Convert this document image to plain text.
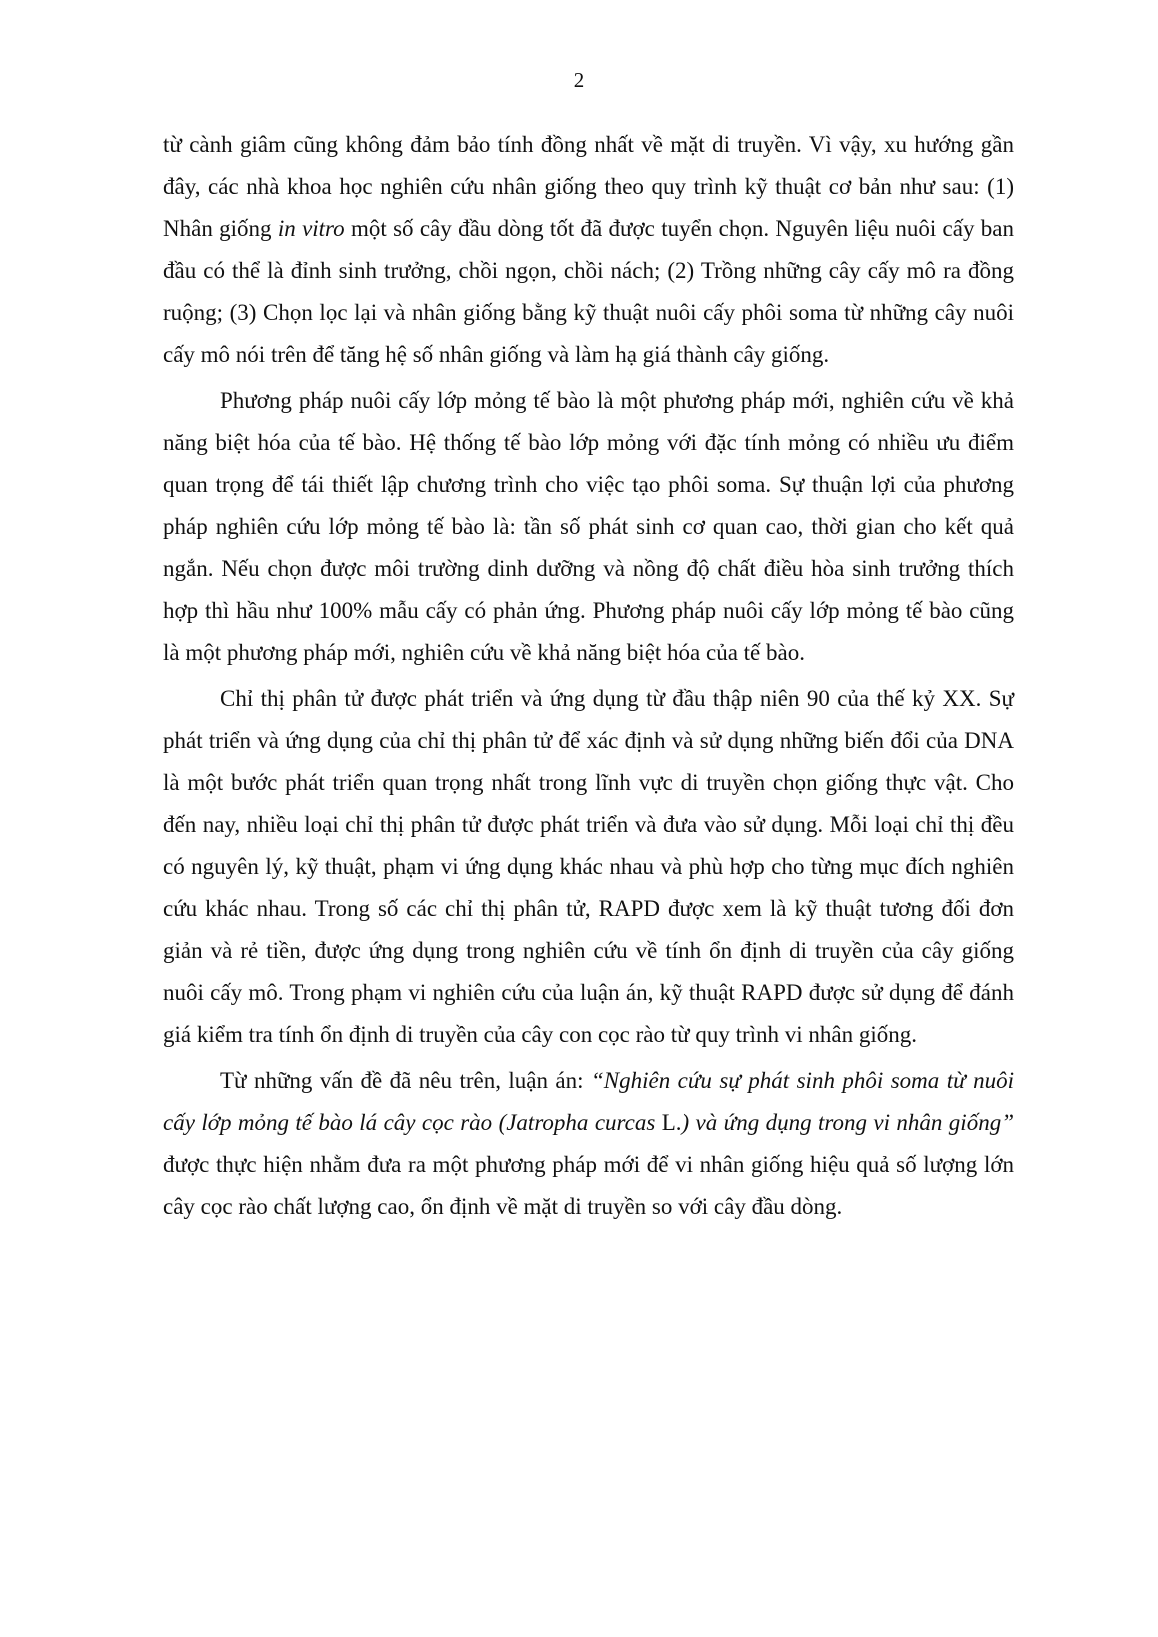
2

từ cành giâm cũng không đảm bảo tính đồng nhất về mặt di truyền. Vì vậy, xu hướng gần đây, các nhà khoa học nghiên cứu nhân giống theo quy trình kỹ thuật cơ bản như sau: (1) Nhân giống in vitro một số cây đầu dòng tốt đã được tuyển chọn. Nguyên liệu nuôi cấy ban đầu có thể là đỉnh sinh trưởng, chồi ngọn, chồi nách; (2) Trồng những cây cấy mô ra đồng ruộng; (3) Chọn lọc lại và nhân giống bằng kỹ thuật nuôi cấy phôi soma từ những cây nuôi cấy mô nói trên để tăng hệ số nhân giống và làm hạ giá thành cây giống.

Phương pháp nuôi cấy lớp mỏng tế bào là một phương pháp mới, nghiên cứu về khả năng biệt hóa của tế bào. Hệ thống tế bào lớp mỏng với đặc tính mỏng có nhiều ưu điểm quan trọng để tái thiết lập chương trình cho việc tạo phôi soma. Sự thuận lợi của phương pháp nghiên cứu lớp mỏng tế bào là: tần số phát sinh cơ quan cao, thời gian cho kết quả ngắn. Nếu chọn được môi trường dinh dưỡng và nồng độ chất điều hòa sinh trưởng thích hợp thì hầu như 100% mẫu cấy có phản ứng. Phương pháp nuôi cấy lớp mỏng tế bào cũng là một phương pháp mới, nghiên cứu về khả năng biệt hóa của tế bào.

Chỉ thị phân tử được phát triển và ứng dụng từ đầu thập niên 90 của thế kỷ XX. Sự phát triển và ứng dụng của chỉ thị phân tử để xác định và sử dụng những biến đổi của DNA là một bước phát triển quan trọng nhất trong lĩnh vực di truyền chọn giống thực vật. Cho đến nay, nhiều loại chỉ thị phân tử được phát triển và đưa vào sử dụng. Mỗi loại chỉ thị đều có nguyên lý, kỹ thuật, phạm vi ứng dụng khác nhau và phù hợp cho từng mục đích nghiên cứu khác nhau. Trong số các chỉ thị phân tử, RAPD được xem là kỹ thuật tương đối đơn giản và rẻ tiền, được ứng dụng trong nghiên cứu về tính ổn định di truyền của cây giống nuôi cấy mô. Trong phạm vi nghiên cứu của luận án, kỹ thuật RAPD được sử dụng để đánh giá kiểm tra tính ổn định di truyền của cây con cọc rào từ quy trình vi nhân giống.

Từ những vấn đề đã nêu trên, luận án: “Nghiên cứu sự phát sinh phôi soma từ nuôi cấy lớp mỏng tế bào lá cây cọc rào (Jatropha curcas L.) và ứng dụng trong vi nhân giống” được thực hiện nhằm đưa ra một phương pháp mới để vi nhân giống hiệu quả số lượng lớn cây cọc rào chất lượng cao, ổn định về mặt di truyền so với cây đầu dòng.
